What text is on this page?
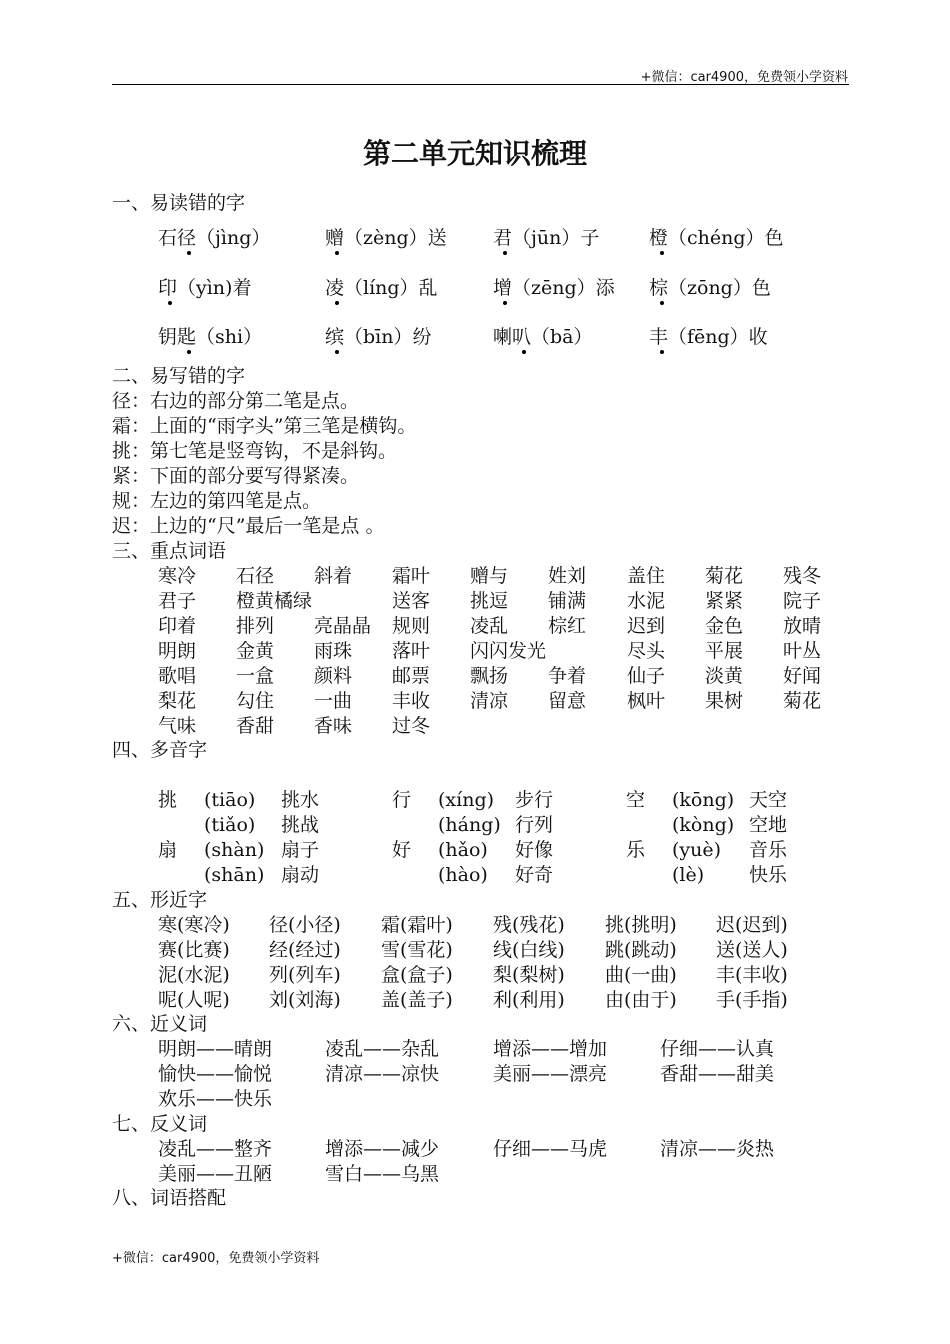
+微信：car4900，免费领小学资料
第二单元知识梳理
一、易读错的字
石径（jìng）	赠（zèng）送 君（jūn）子	橙（chéng）色
印（yìn)着	凌（líng）乱	增（zēng）添 棕（zōng）色
钥匙（shi）	缤（bīn）纷	喇叭（bā）	丰（fēng）收
二、易写错的字
径：右边的部分第二笔是点。
霜：上面的“雨字头”第三笔是横钩。
挑：第七笔是竖弯钩，不是斜钩。
紧：下面的部分要写得紧凑。
规：左边的第四笔是点。
迟：上边的“尺”最后一笔是点 。
三、重点词语
寒冷 石径 斜着 霜叶 赠与 姓刘 盖住 菊花 残冬
君子 橙黄橘绿	送客 挑逗 铺满 水泥 紧紧 院子
印着 排列 亮晶晶 规则 凌乱 棕红 迟到 金色 放晴
明朗 金黄 雨珠 落叶 闪闪发光	尽头 平展 叶丛
歌唱 一盒 颜料 邮票 飘扬 争着 仙子 淡黄 好闻
梨花 勾住 一曲 丰收 清凉 留意 枫叶 果树 菊花
气味 香甜 香味 过冬
四、多音字
挑 (tiāo) 挑水	行 (xíng) 步行	空 (kōng) 天空
(tiǎo) 挑战	(háng) 行列	(kòng) 空地
扇 (shàn) 扇子	好 (hǎo) 好像	乐 (yuè) 音乐
(shān) 扇动	(hào) 好奇	(lè) 快乐
五、形近字
寒(寒冷) 径(小径) 霜(霜叶) 残(残花) 挑(挑明) 迟(迟到)
赛(比赛) 经(经过) 雪(雪花) 线(白线) 跳(跳动) 送(送人)
泥(水泥) 列(列车) 盒(盒子) 梨(梨树) 曲(一曲) 丰(丰收)
呢(人呢) 刘(刘海) 盖(盖子) 利(利用) 由(由于) 手(手指)
六、近义词
明朗——晴朗	凌乱——杂乱	增添——增加	仔细——认真
愉快——愉悦	清凉——凉快	美丽——漂亮	香甜——甜美
欢乐——快乐
七、反义词
凌乱——整齐	增添——减少	仔细——马虎	清凉——炎热
美丽——丑陋	雪白——乌黑
八、词语搭配
+微信：car4900，免费领小学资料
